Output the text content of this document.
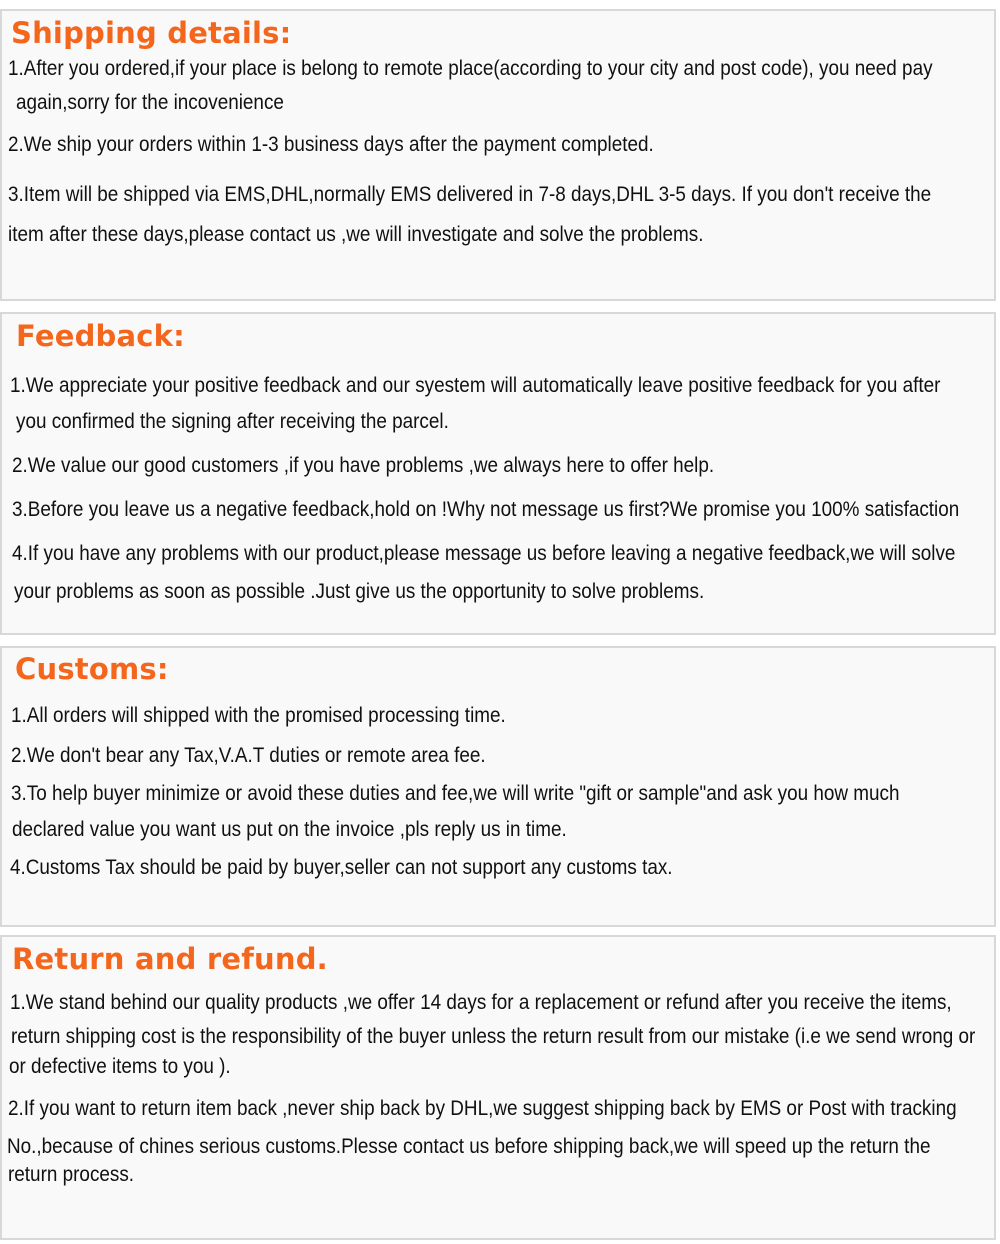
Shipping details:
1.After you ordered,if your place is belong to remote place(according to your city and post code), you need pay
again,sorry for the incovenience
2.We ship your orders within 1-3 business days after the payment completed.
3.Item will be shipped via EMS,DHL,normally EMS delivered in 7-8 days,DHL 3-5 days. If you don't receive the
item after these days,please contact us ,we will investigate and solve the problems.
Feedback:
1.We appreciate your positive feedback and our syestem will automatically leave positive feedback for you after
you confirmed the signing after receiving the parcel.
2.We value our good customers ,if you have problems ,we always here to offer help.
3.Before you leave us a negative feedback,hold on !Why not message us first?We promise you 100% satisfaction
4.If you have any problems with our product,please message us before leaving a negative feedback,we will solve
your problems as soon as possible .Just give us the opportunity to solve problems.
Customs:
1.All orders will shipped with the promised processing time.
2.We don't bear any Tax,V.A.T duties or remote area fee.
3.To help buyer minimize or avoid these duties and fee,we will write "gift or sample"and ask you how much
declared value you want us put on the invoice ,pls reply us in time.
4.Customs Tax should be paid by buyer,seller can not support any customs tax.
Return and refund.
1.We stand behind our quality products ,we offer 14 days for a replacement or refund after you receive the items,
return shipping cost is the responsibility of the buyer unless the return result from our mistake (i.e we send wrong or
or defective items to you ).
2.If you want to return item back ,never ship back by DHL,we suggest shipping back by EMS or Post with tracking
No.,because of chines serious customs.Plesse contact us before shipping back,we will speed up the return the
return process.
